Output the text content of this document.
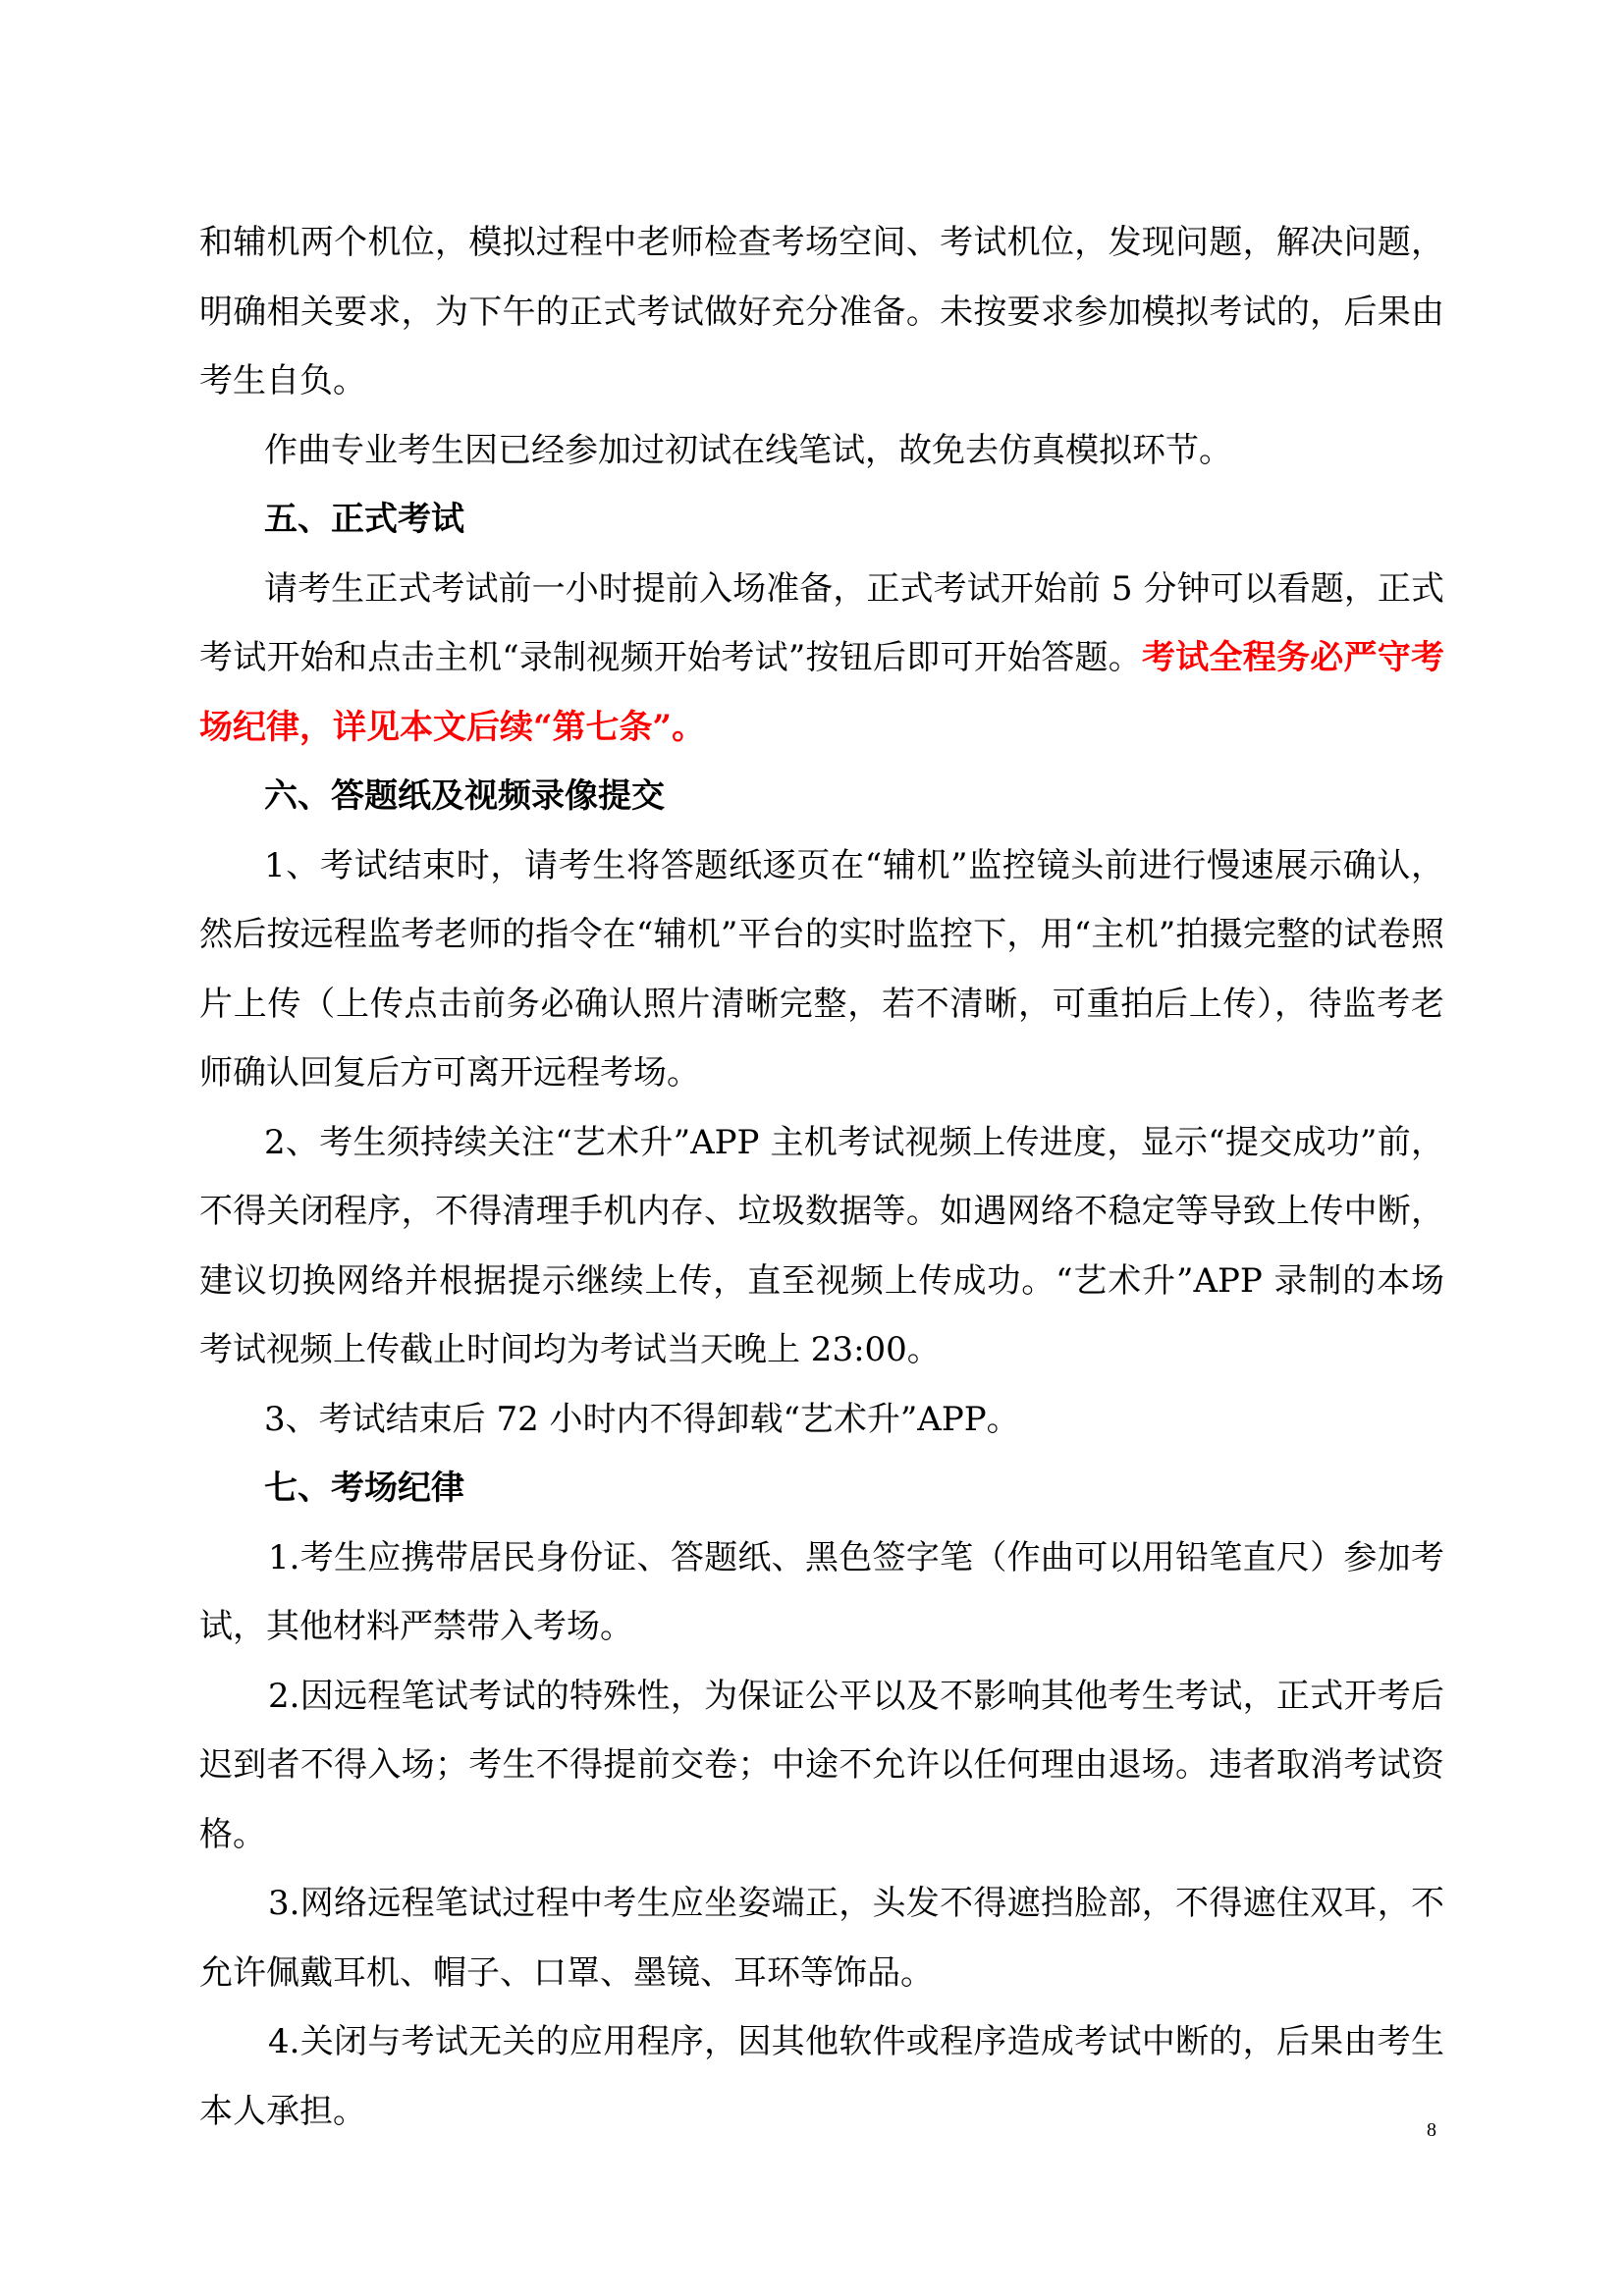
和辅机两个机位，模拟过程中老师检查考场空间、考试机位，发现问题，解决问题，明确相关要求，为下午的正式考试做好充分准备。未按要求参加模拟考试的，后果由考生自负。

作曲专业考生因已经参加过初试在线笔试，故免去仿真模拟环节。

五、正式考试

请考生正式考试前一小时提前入场准备，正式考试开始前 5 分钟可以看题，正式考试开始和点击主机“录制视频开始考试”按钮后即可开始答题。考试全程务必严守考场纪律，详见本文后续“第七条”。

六、答题纸及视频录像提交

1、考试结束时，请考生将答题纸逐页在“辅机”监控镜头前进行慢速展示确认，然后按远程监考老师的指令在“辅机”平台的实时监控下，用“主机”拍摄完整的试卷照片上传（上传点击前务必确认照片清晰完整，若不清晰，可重拍后上传），待监考老师确认回复后方可离开远程考场。

2、考生须持续关注“艺术升”APP 主机考试视频上传进度，显示“提交成功”前，不得关闭程序，不得清理手机内存、垃圾数据等。如遇网络不稳定等导致上传中断，建议切换网络并根据提示继续上传，直至视频上传成功。“艺术升”APP 录制的本场考试视频上传截止时间均为考试当天晚上 23:00。

3、考试结束后 72 小时内不得卸载“艺术升”APP。

七、考场纪律

1.考生应携带居民身份证、答题纸、黑色签字笔（作曲可以用铅笔直尺）参加考试，其他材料严禁带入考场。

2.因远程笔试考试的特殊性，为保证公平以及不影响其他考生考试，正式开考后迟到者不得入场；考生不得提前交卷；中途不允许以任何理由退场。违者取消考试资格。

3.网络远程笔试过程中考生应坐姿端正，头发不得遮挡脸部，不得遮住双耳，不允许佩戴耳机、帽子、口罩、墨镜、耳环等饰品。

4.关闭与考试无关的应用程序，因其他软件或程序造成考试中断的，后果由考生本人承担。	8
